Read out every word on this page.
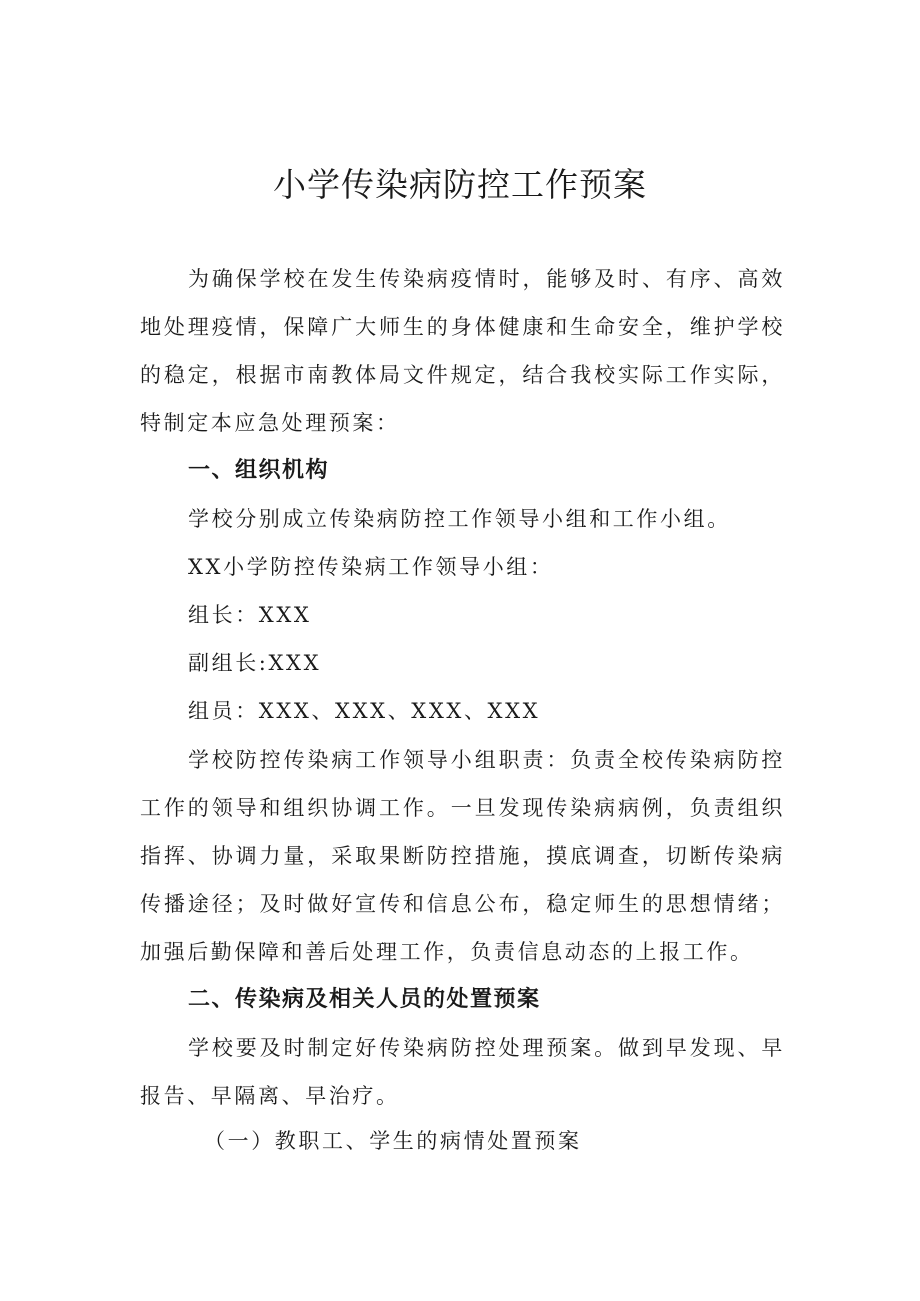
小学传染病防控工作预案

为确保学校在发生传染病疫情时，能够及时、有序、高效地处理疫情，保障广大师生的身体健康和生命安全，维护学校的稳定，根据市南教体局文件规定，结合我校实际工作实际，特制定本应急处理预案：

一、组织机构

学校分别成立传染病防控工作领导小组和工作小组。

XX小学防控传染病工作领导小组：

组长：XXX

副组长:XXX

组员：XXX、XXX、XXX、XXX

学校防控传染病工作领导小组职责：负责全校传染病防控工作的领导和组织协调工作。一旦发现传染病病例，负责组织指挥、协调力量，采取果断防控措施，摸底调查，切断传染病传播途径；及时做好宣传和信息公布，稳定师生的思想情绪；加强后勤保障和善后处理工作，负责信息动态的上报工作。

二、传染病及相关人员的处置预案

学校要及时制定好传染病防控处理预案。做到早发现、早报告、早隔离、早治疗。

（一）教职工、学生的病情处置预案
